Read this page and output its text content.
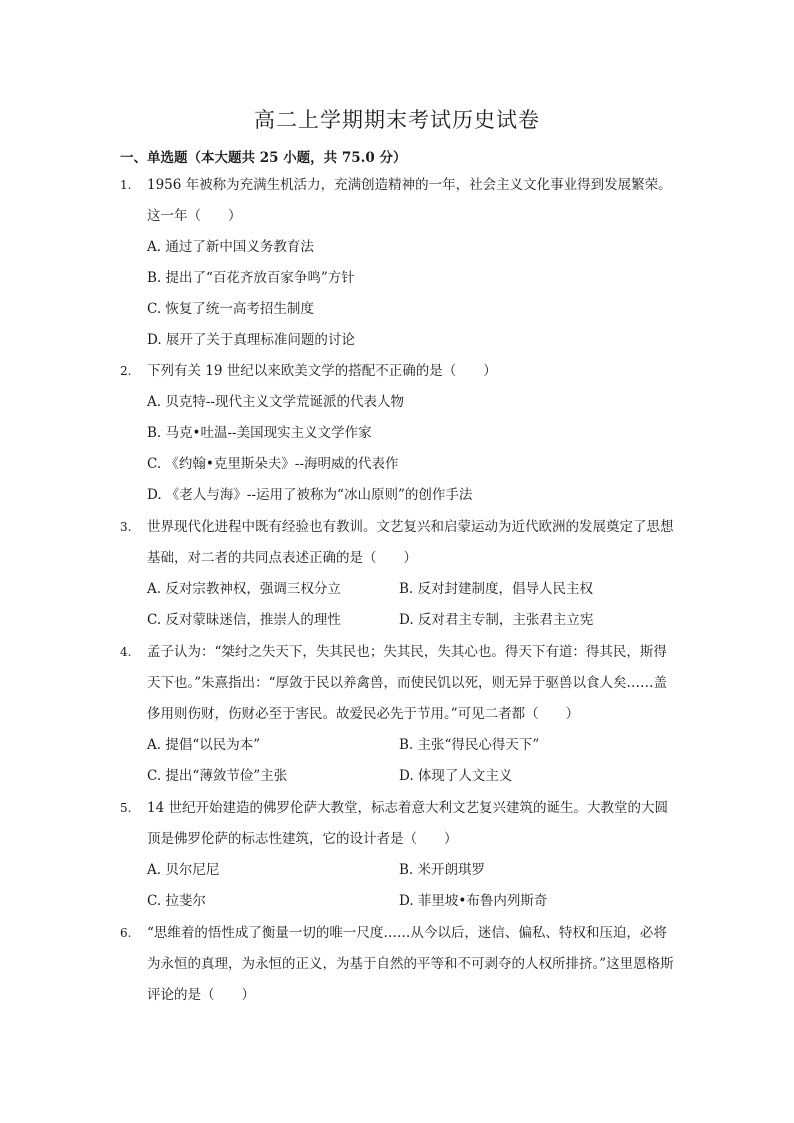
高二上学期期末考试历史试卷
一、单选题（本大题共 25 小题，共 75.0 分）
1.	1956 年被称为充满生机活力，充满创造精神的一年，社会主义文化事业得到发展繁荣。这一年（　　）
A. 通过了新中国义务教育法
B. 提出了“百花齐放百家争鸣”方针
C. 恢复了统一高考招生制度
D. 展开了关于真理标准问题的讨论
2.	下列有关 19 世纪以来欧美文学的搭配不正确的是（　　）
A. 贝克特--现代主义文学荒诞派的代表人物
B. 马克•吐温--美国现实主义文学作家
C. 《约翰•克里斯朵夫》--海明威的代表作
D. 《老人与海》--运用了被称为“冰山原则”的创作手法
3.	世界现代化进程中既有经验也有教训。文艺复兴和启蒙运动为近代欧洲的发展奠定了思想基础，对二者的共同点表述正确的是（　　）
A. 反对宗教神权，强调三权分立	B. 反对封建制度，倡导人民主权
C. 反对蒙昧迷信，推崇人的理性	D. 反对君主专制，主张君主立宪
4.	孟子认为：“桀纣之失天下，失其民也；失其民，失其心也。得天下有道：得其民，斯得天下也。”朱熹指出：“厚敛于民以养禽兽，而使民饥以死，则无异于驱兽以食人矣……盖侈用则伤财，伤财必至于害民。故爱民必先于节用。”可见二者都（　　）
A. 提倡“以民为本”	B. 主张“得民心得天下”
C. 提出“薄敛节俭”主张	D. 体现了人文主义
5.	14 世纪开始建造的佛罗伦萨大教堂，标志着意大利文艺复兴建筑的诞生。大教堂的大圆顶是佛罗伦萨的标志性建筑，它的设计者是（　　）
A. 贝尔尼尼	B. 米开朗琪罗
C. 拉斐尔	D. 菲里坡•布鲁内列斯奇
6.	“思维着的悟性成了衡量一切的唯一尺度……从今以后，迷信、偏私、特权和压迫，必将为永恒的真理，为永恒的正义，为基于自然的平等和不可剥夺的人权所排挤。”这里恩格斯评论的是（　　）
